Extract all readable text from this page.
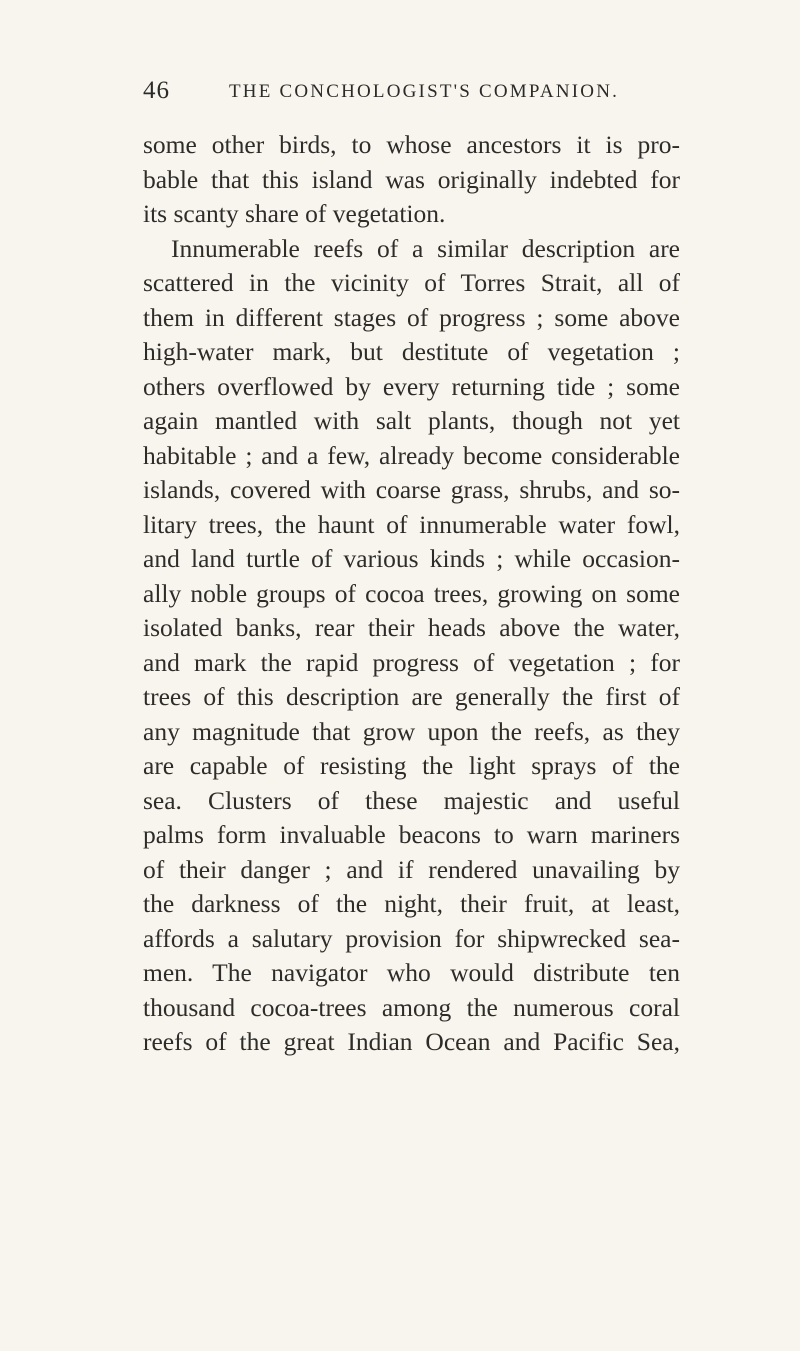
46	THE CONCHOLOGIST'S COMPANION.
some other birds, to whose ancestors it is pro-
bable that this island was originally indebted for
its scanty share of vegetation.
Innumerable reefs of a similar description are
scattered in the vicinity of Torres Strait, all of
them in different stages of progress ; some above
high-water mark, but destitute of vegetation ;
others overflowed by every returning tide ; some
again mantled with salt plants, though not yet
habitable ; and a few, already become considerable
islands, covered with coarse grass, shrubs, and so-
litary trees, the haunt of innumerable water fowl,
and land turtle of various kinds ; while occasion-
ally noble groups of cocoa trees, growing on some
isolated banks, rear their heads above the water,
and mark the rapid progress of vegetation ; for
trees of this description are generally the first of
any magnitude that grow upon the reefs, as they
are capable of resisting the light sprays of the
sea. Clusters of these majestic and useful
palms form invaluable beacons to warn mariners
of their danger ; and if rendered unavailing by
the darkness of the night, their fruit, at least,
affords a salutary provision for shipwrecked sea-
men. The navigator who would distribute ten
thousand cocoa-trees among the numerous coral
reefs of the great Indian Ocean and Pacific Sea,
